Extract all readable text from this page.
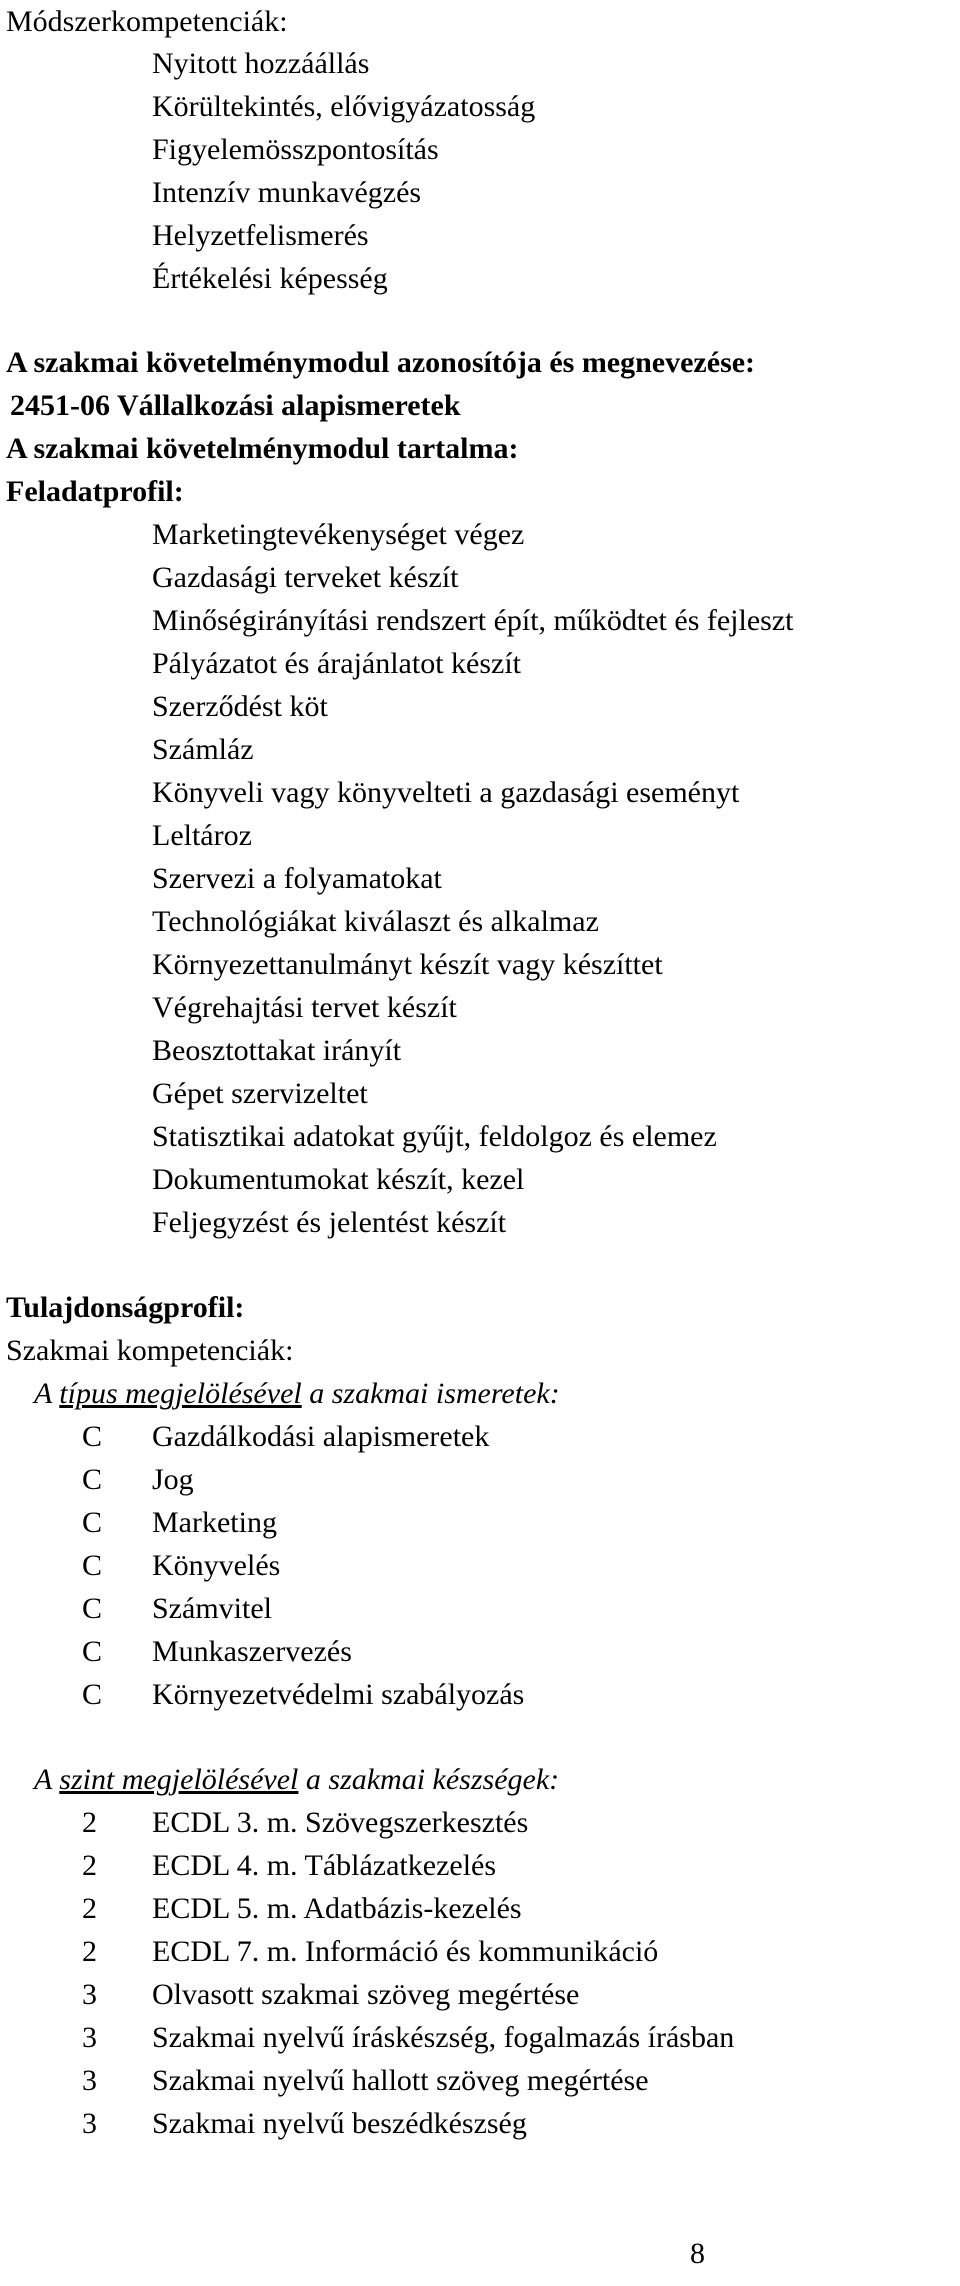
Módszerkompetenciák:

Nyitott hozzáállás

Körültekintés, elővigyázatosság

Figyelemösszpontosítás

Intenzív munkavégzés

Helyzetfelismerés

Értékelési képesség

A szakmai követelménymodul azonosítója és megnevezése:

2451-06 Vállalkozási alapismeretek

A szakmai követelménymodul tartalma:

Feladatprofil:

Marketingtevékenységet végez

Gazdasági terveket készít

Minőségirányítási rendszert épít, működtet és fejleszt

Pályázatot és árajánlatot készít

Szerződést köt

Számláz

Könyveli vagy könyvelteti a gazdasági eseményt

Leltároz

Szervezi a folyamatokat

Technológiákat kiválaszt és alkalmaz

Környezettanulmányt készít vagy készíttet

Végrehajtási tervet készít

Beosztottakat irányít

Gépet szervizeltet

Statisztikai adatokat gyűjt, feldolgoz és elemez

Dokumentumokat készít, kezel

Feljegyzést és jelentést készít

Tulajdonságprofil:

Szakmai kompetenciák:

A típus megjelölésével a szakmai ismeretek:

C Gazdálkodási alapismeretek

C Jog

C Marketing

C Könyvelés

C Számvitel

C Munkaszervezés

C Környezetvédelmi szabályozás

A szint megjelölésével a szakmai készségek:

2 ECDL 3. m. Szövegszerkesztés

2 ECDL 4. m. Táblázatkezelés

2 ECDL 5. m. Adatbázis-kezelés

2 ECDL 7. m. Információ és kommunikáció

3 Olvasott szakmai szöveg megértése

3 Szakmai nyelvű íráskészség, fogalmazás írásban

3 Szakmai nyelvű hallott szöveg megértése

3 Szakmai nyelvű beszédkészség

8
